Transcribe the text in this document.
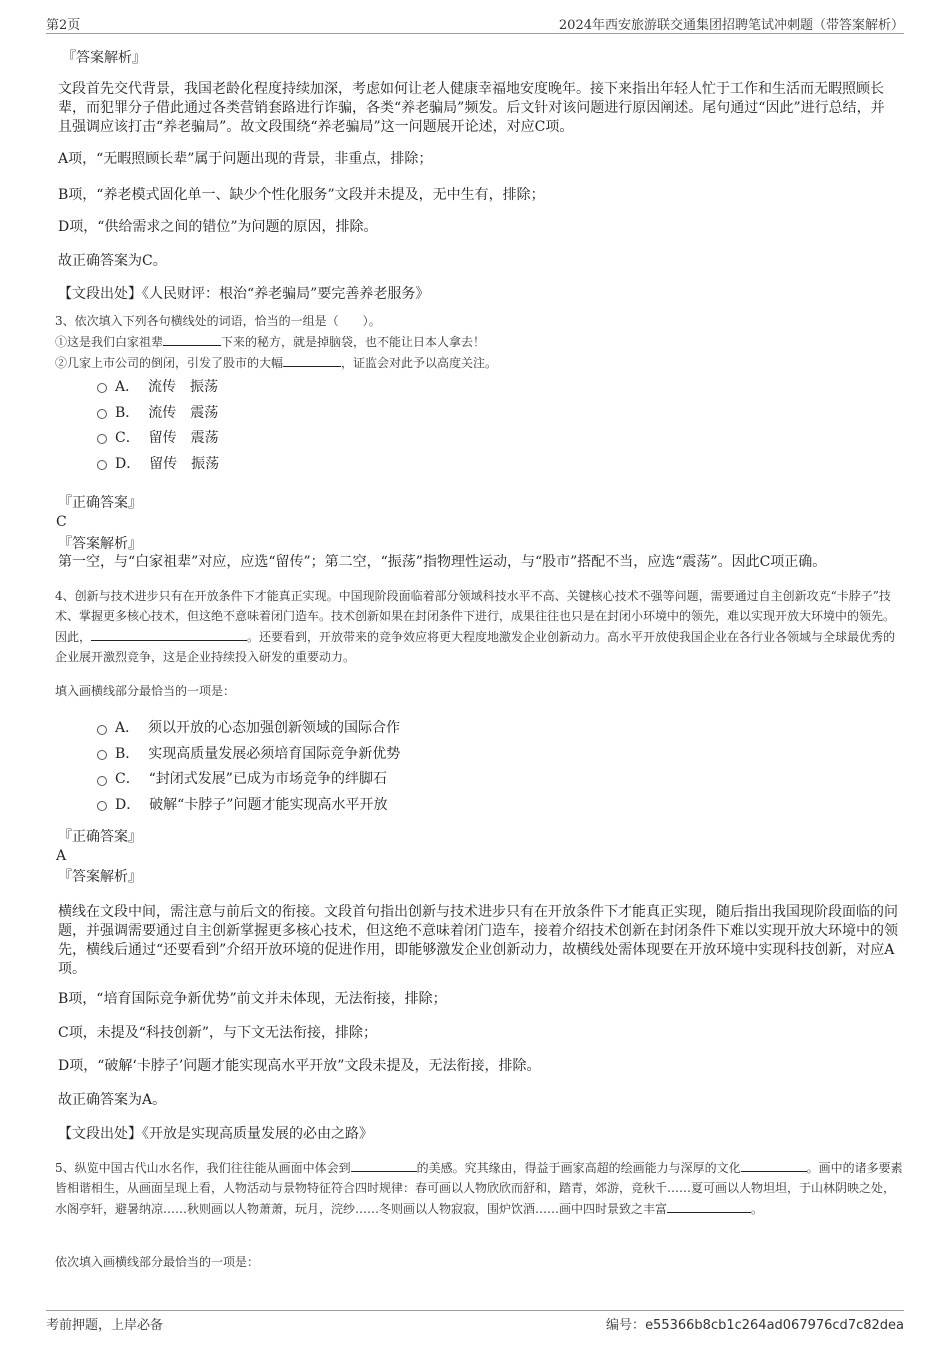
第2页	2024年西安旅游联交通集团招聘笔试冲刺题（带答案解析）
『答案解析』
文段首先交代背景，我国老龄化程度持续加深，考虑如何让老人健康幸福地安度晚年。接下来指出年轻人忙于工作和生活而无暇照顾长辈，而犯罪分子借此通过各类营销套路进行诈骗，各类“养老骗局”频发。后文针对该问题进行原因阐述。尾句通过“因此”进行总结，并且强调应该打击“养老骗局”。故文段围绕“养老骗局”这一问题展开论述，对应C项。
A项，“无暇照顾长辈”属于问题出现的背景，非重点，排除；
B项，“养老模式固化单一、缺少个性化服务”文段并未提及，无中生有，排除；
D项，“供给需求之间的错位”为问题的原因，排除。
故正确答案为C。
【文段出处】《人民财评：根治“养老骗局”要完善养老服务》
3、依次填入下列各句横线处的词语，恰当的一组是（　　）。
①这是我们白家祖辈	下来的秘方，就是掉脑袋，也不能让日本人拿去！
②几家上市公司的倒闭，引发了股市的大幅	，证监会对此予以高度关注。
A． 流传　振荡
B． 流传　震荡
C． 留传　震荡
D． 留传　振荡
『正确答案』
C
『答案解析』
第一空，与“白家祖辈”对应，应选“留传”；第二空，“振荡”指物理性运动，与“股市”搭配不当，应选“震荡”。因此C项正确。
4、创新与技术进步只有在开放条件下才能真正实现。中国现阶段面临着部分领域科技水平不高、关键核心技术不强等问题，需要通过自主创新攻克“卡脖子”技术、掌握更多核心技术，但这绝不意味着闭门造车。技术创新如果在封闭条件下进行，成果往往也只是在封闭小环境中的领先，难以实现开放大环境中的领先。因此，	。还要看到，开放带来的竞争效应将更大程度地激发企业创新动力。高水平开放使我国企业在各行业各领域与全球最优秀的企业展开激烈竞争，这是企业持续投入研发的重要动力。
填入画横线部分最恰当的一项是：
A． 须以开放的心态加强创新领域的国际合作
B． 实现高质量发展必须培育国际竞争新优势
C． “封闭式发展”已成为市场竞争的绊脚石
D． 破解“卡脖子”问题才能实现高水平开放
『正确答案』
A
『答案解析』
横线在文段中间，需注意与前后文的衔接。文段首句指出创新与技术进步只有在开放条件下才能真正实现，随后指出我国现阶段面临的问题，并强调需要通过自主创新掌握更多核心技术，但这绝不意味着闭门造车，接着介绍技术创新在封闭条件下难以实现开放大环境中的领先，横线后通过“还要看到”介绍开放环境的促进作用，即能够激发企业创新动力，故横线处需体现要在开放环境中实现科技创新，对应A项。
B项，“培育国际竞争新优势”前文并未体现，无法衔接，排除；
C项，未提及“科技创新”，与下文无法衔接，排除；
D项，“破解‘卡脖子’问题才能实现高水平开放”文段未提及，无法衔接，排除。
故正确答案为A。
【文段出处】《开放是实现高质量发展的必由之路》
5、纵览中国古代山水名作，我们往往能从画面中体会到	的美感。究其缘由，得益于画家高超的绘画能力与深厚的文化	。画中的诸多要素皆相谐相生，从画面呈现上看，人物活动与景物特征符合四时规律：春可画以人物欣欣而舒和，踏青，郊游，竞秋千……夏可画以人物坦坦，于山林阴映之处，水阁亭轩，避暑纳凉……秋则画以人物萧萧，玩月，浣纱……冬则画以人物寂寂，围炉饮酒……画中四时景致之丰富	。
依次填入画横线部分最恰当的一项是：
考前押题，上岸必备	编号：e55366b8cb1c264ad067976cd7c82dea
